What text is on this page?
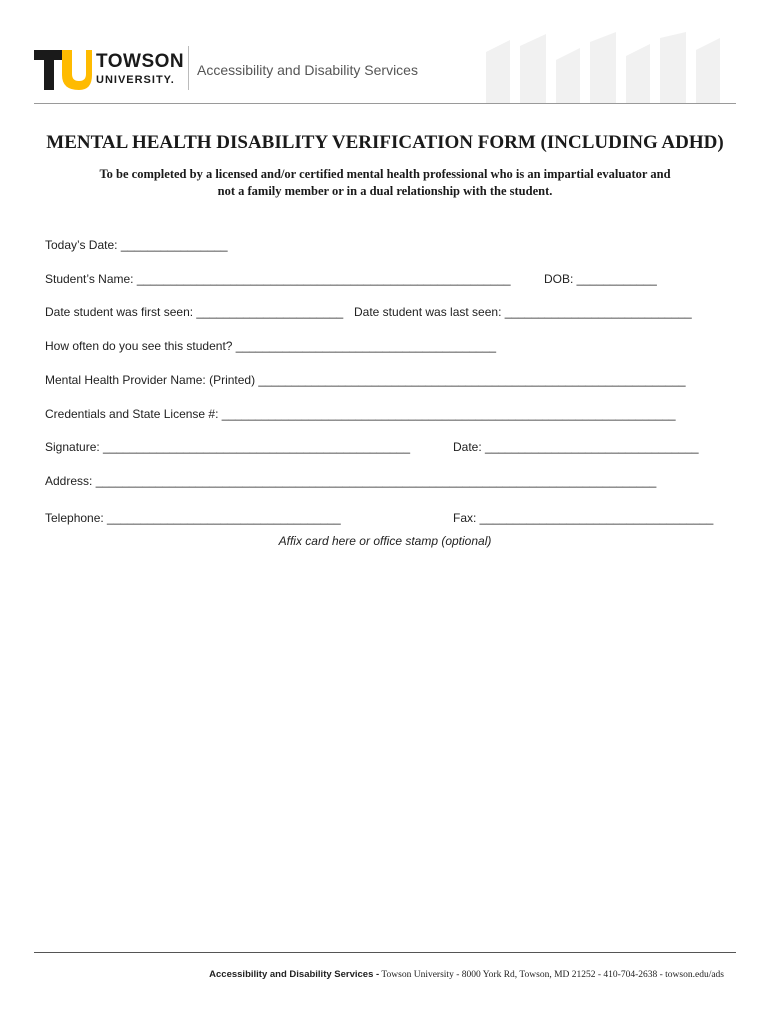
TOWSON
UNIVERSITY.
Accessibility and Disability Services
MENTAL HEALTH DISABILITY VERIFICATION FORM (INCLUDING ADHD)
To be completed by a licensed and/or certified mental health professional who is an impartial evaluator and
not a family member or in a dual relationship with the student.
Today’s Date: ________________
Student’s Name: ________________________________________________________	DOB: ____________
Date student was first seen: ______________________ Date student was last seen: ____________________________
How often do you see this student? _______________________________________
Mental Health Provider Name: (Printed) ________________________________________________________________
Credentials and State License #: ____________________________________________________________________
Signature: ______________________________________________	Date: ________________________________
Address: ____________________________________________________________________________________
Telephone: ___________________________________	Fax: ___________________________________
Affix card here or office stamp (optional)
Accessibility and Disability Services - Towson University - 8000 York Rd, Towson, MD 21252 - 410-704-2638 - towson.edu/ads
